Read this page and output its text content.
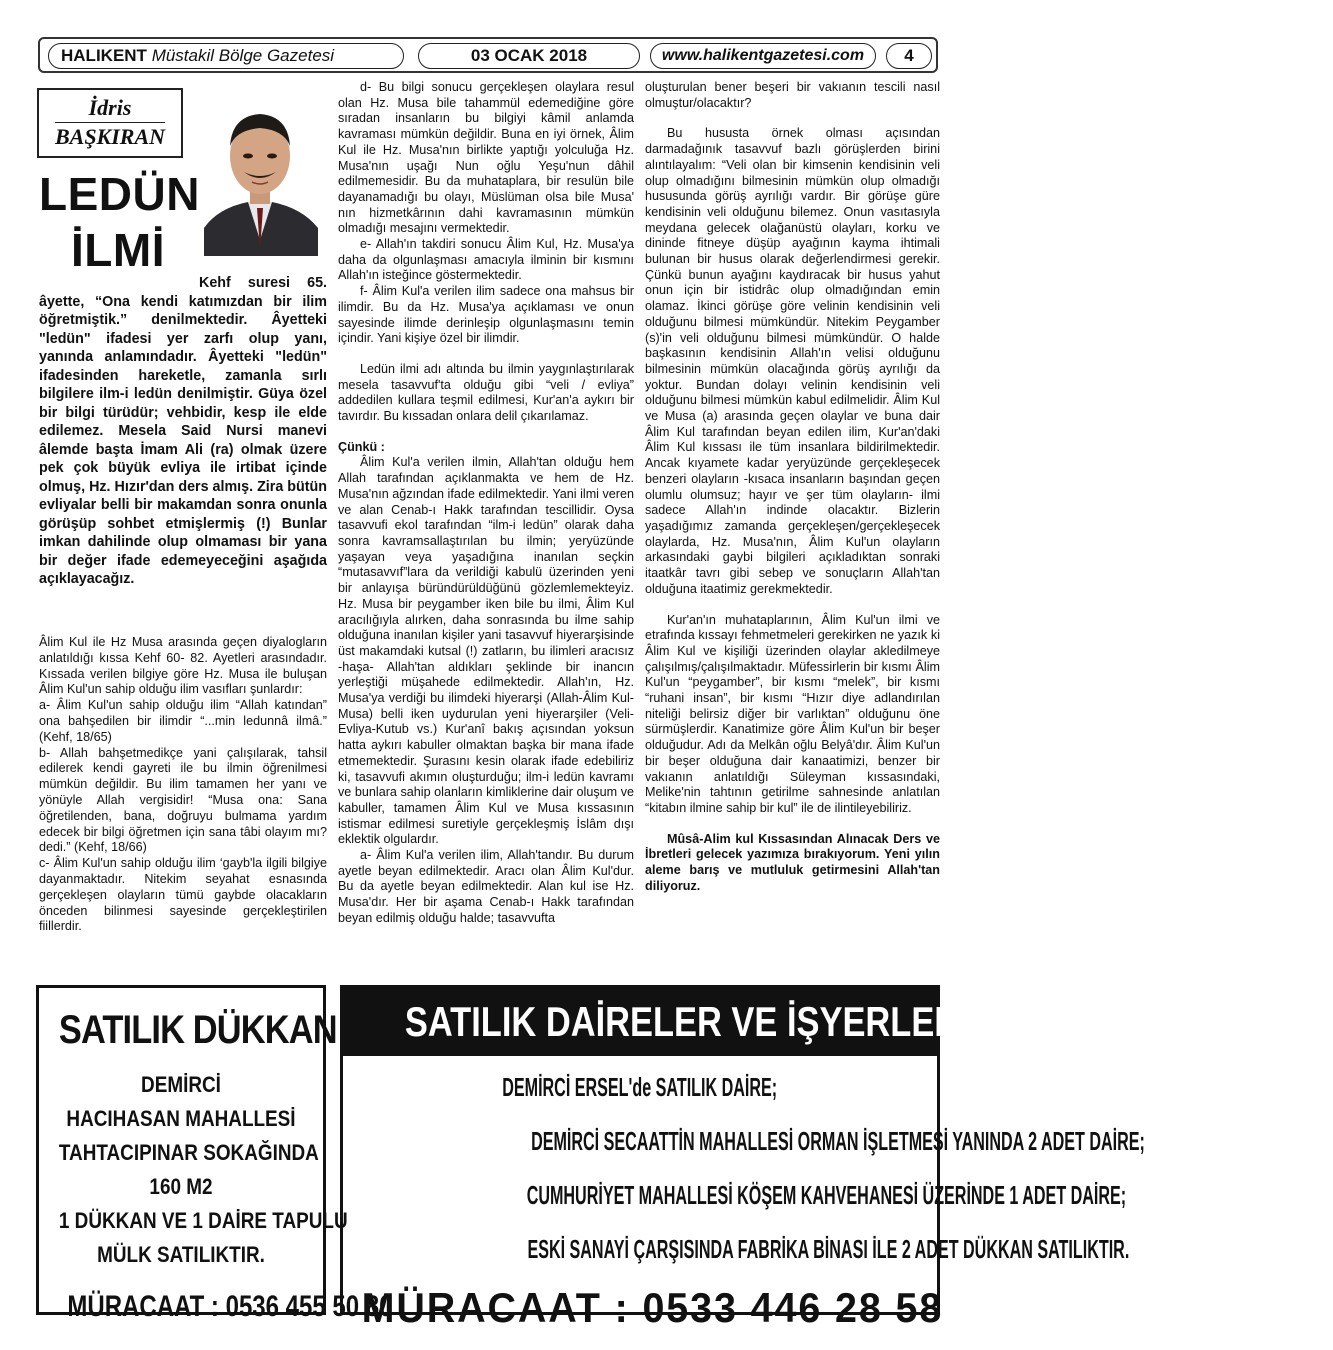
HALIKENT Müstakil Bölge Gazetesi	03 OCAK 2018	www.halikentgazetesi.com	4
İdris
BAŞKIRAN
LEDÜN
İLMİ

Kehf suresi 65. âyette, “Ona kendi katımızdan bir ilim öğretmiştik.” denilmektedir. Âyetteki "ledün" ifadesi yer zarfı olup yanı, yanında anlamındadır. Âyetteki "ledün" ifadesinden hareketle, zamanla sırlı bilgilere ilm-i ledün denilmiştir. Güya özel bir bilgi türüdür; vehbidir, kesp ile elde edilemez. Mesela Said Nursi manevi âlemde başta İmam Ali (ra) olmak üzere pek çok büyük evliya ile irtibat içinde olmuş, Hz. Hızır'dan ders almış. Zira bütün evliyalar belli bir makamdan sonra onunla görüşüp sohbet etmişlermiş (!) Bunlar imkan dahilinde olup olmaması bir yana bir değer ifade edemeyeceğini aşağıda açıklayacağız.

Âlim Kul ile Hz Musa arasında geçen diyalogların anlatıldığı kıssa Kehf 60- 82. Ayetleri arasındadır. Kıssada verilen bilgiye göre Hz. Musa ile buluşan Âlim Kul'un sahip olduğu ilim vasıfları şunlardır:

a- Âlim Kul'un sahip olduğu ilim “Allah katından” ona bahşedilen bir ilimdir “...min ledunnâ ilmâ.” (Kehf, 18/65)

b- Allah bahşetmedikçe yani çalışılarak, tahsil edilerek kendi gayreti ile bu ilmin öğrenilmesi mümkün değildir. Bu ilim tamamen her yanı ve yönüyle Allah vergisidir! “Musa ona: Sana öğretilenden, bana, doğruyu bulmama yardım edecek bir bilgi öğretmen için sana tâbi olayım mı? dedi.” (Kehf, 18/66)

c- Âlim Kul'un sahip olduğu ilim ‘gayb'la ilgili bilgiye dayanmaktadır. Nitekim seyahat esnasında gerçekleşen olayların tümü gaybde olacakların önceden bilinmesi sayesinde gerçekleştirilen fiillerdir.

d- Bu bilgi sonucu gerçekleşen olaylara resul olan Hz. Musa bile tahammül edemediğine göre sıradan insanların bu bilgiyi kâmil anlamda kavraması mümkün değildir. Buna en iyi örnek, Âlim Kul ile Hz. Musa'nın birlikte yaptığı yolculuğa Hz. Musa'nın uşağı Nun oğlu Yeşu'nun dâhil edilmemesidir. Bu da muhataplara, bir resulün bile dayanamadığı bu olayı, Müslüman olsa bile Musa' nın hizmetkârının dahi kavramasının mümkün olmadığı mesajını vermektedir.

e- Allah'ın takdiri sonucu Âlim Kul, Hz. Musa'ya daha da olgunlaşması amacıyla ilminin bir kısmını Allah'ın isteğince göstermektedir.

f- Âlim Kul'a verilen ilim sadece ona mahsus bir ilimdir. Bu da Hz. Musa'ya açıklaması ve onun sayesinde ilimde derinleşip olgunlaşmasını temin içindir. Yani kişiye özel bir ilimdir.

Ledün ilmi adı altında bu ilmin yaygınlaştırılarak mesela tasavvuf'ta olduğu gibi “veli / evliya” addedilen kullara teşmil edilmesi, Kur'an'a aykırı bir tavırdır. Bu kıssadan onlara delil çıkarılamaz.

Çünkü :

Âlim Kul'a verilen ilmin, Allah'tan olduğu hem Allah tarafından açıklanmakta ve hem de Hz. Musa'nın ağzından ifade edilmektedir. Yani ilmi veren ve alan Cenab-ı Hakk tarafından tescillidir. Oysa tasavvufi ekol tarafından “ilm-i ledün” olarak daha sonra kavramsallaştırılan bu ilmin; yeryüzünde yaşayan veya yaşadığına inanılan seçkin “mutasavvıf”lara da verildiği kabulü üzerinden yeni bir anlayışa büründürüldüğünü gözlemlemekteyiz. Hz. Musa bir peygamber iken bile bu ilmi, Âlim Kul aracılığıyla alırken, daha sonrasında bu ilme sahip olduğuna inanılan kişiler yani tasavvuf hiyerarşisinde üst makamdaki kutsal (!) zatların, bu ilimleri aracısız -haşa- Allah'tan aldıkları şeklinde bir inancın yerleştiği müşahede edilmektedir. Allah'ın, Hz. Musa'ya verdiği bu ilimdeki hiyerarşi (Allah-Âlim Kul-Musa) belli iken uydurulan yeni hiyerarşiler (Veli-Evliya-Kutub vs.) Kur'anî bakış açısından yoksun hatta aykırı kabuller olmaktan başka bir mana ifade etmemektedir. Şurasını kesin olarak ifade edebiliriz ki, tasavvufi akımın oluşturduğu; ilm-i ledün kavramı ve bunlara sahip olanların kimliklerine dair oluşum ve kabuller, tamamen Âlim Kul ve Musa kıssasının istismar edilmesi suretiyle gerçekleşmiş İslâm dışı eklektik olgulardır.

a- Âlim Kul'a verilen ilim, Allah'tandır. Bu durum ayetle beyan edilmektedir. Aracı olan Âlim Kul'dur. Bu da ayetle beyan edilmektedir. Alan kul ise Hz. Musa'dır. Her bir aşama Cenab-ı Hakk tarafından beyan edilmiş olduğu halde; tasavvufta

oluşturulan bener beşeri bir vakıanın tescili nasıl olmuştur/olacaktır?

Bu hususta örnek olması açısından darmadağınık tasavvuf bazlı görüşlerden birini alıntılayalım: “Veli olan bir kimsenin kendisinin veli olup olmadığını bilmesinin mümkün olup olmadığı hususunda görüş ayrılığı vardır. Bir görüşe güre kendisinin veli olduğunu bilemez. Onun vasıtasıyla meydana gelecek olağanüstü olayları, korku ve dininde fitneye düşüp ayağının kayma ihtimali bulunan bir husus olarak değerlendirmesi gerekir. Çünkü bunun ayağını kaydıracak bir husus yahut onun için bir istidrâc olup olmadığından emin olamaz. İkinci görüşe göre velinin kendisinin veli olduğunu bilmesi mümkündür. Nitekim Peygamber (s)'in veli olduğunu bilmesi mümkündür. O halde başkasının kendisinin Allah'ın velisi olduğunu bilmesinin mümkün olacağında görüş ayrılığı da yoktur. Bundan dolayı velinin kendisinin veli olduğunu bilmesi mümkün kabul edilmelidir. Âlim Kul ve Musa (a) arasında geçen olaylar ve buna dair Âlim Kul tarafından beyan edilen ilim, Kur'an'daki Âlim Kul kıssası ile tüm insanlara bildirilmektedir. Ancak kıyamete kadar yeryüzünde gerçekleşecek benzeri olayların -kısaca insanların başından geçen olumlu olumsuz; hayır ve şer tüm olayların- ilmi sadece Allah'ın indinde olacaktır. Bizlerin yaşadığımız zamanda gerçekleşen/gerçekleşecek olaylarda, Hz. Musa'nın, Âlim Kul'un olayların arkasındaki gaybi bilgileri açıkladıktan sonraki itaatkâr tavrı gibi sebep ve sonuçların Allah'tan olduğuna itaatimiz gerekmektedir.

Kur'an'ın muhataplarının, Âlim Kul'un ilmi ve etrafında kıssayı fehmetmeleri gerekirken ne yazık ki Âlim Kul ve kişiliği üzerinden olaylar akledilmeye çalışılmış/çalışılmaktadır. Müfessirlerin bir kısmı Âlim Kul'un “peygamber”, bir kısmı “melek”, bir kısmı “ruhani insan”, bir kısmı “Hızır diye adlandırılan niteliği belirsiz diğer bir varlıktan” olduğunu öne sürmüşlerdir. Kanatimize göre Âlim Kul'un bir beşer olduğudur. Adı da Melkân oğlu Belyâ'dır. Âlim Kul'un bir beşer olduğuna dair kanaatimizi, benzer bir vakıanın anlatıldığı Süleyman kıssasındaki, Melike'nin tahtının getirilme sahnesinde anlatılan “kitabın ilmine sahip bir kul” ile de ilintileyebiliriz.

Mûsâ-Alim kul Kıssasından Alınacak Ders ve İbretleri gelecek yazımıza bırakıyorum. Yeni yılın aleme barış ve mutluluk getirmesini Allah'tan diliyoruz.

SATILIK DÜKKAN
DEMİRCİ
HACIHASAN MAHALLESİ
TAHTACIPINAR SOKAĞINDA
160 M2
1 DÜKKAN VE 1 DAİRE TAPULU
MÜLK SATILIKTIR.
MÜRACAAT : 0536 455 50 80
SATILIK DAİRELER VE İŞYERLERİ
DEMİRCİ ERSEL'de SATILIK DAİRE;
DEMİRCİ SECAATTİN MAHALLESİ ORMAN İŞLETMESİ YANINDA 2 ADET DAİRE;
CUMHURİYET MAHALLESİ KÖŞEM KAHVEHANESİ ÜZERİNDE 1 ADET DAİRE;
ESKİ SANAYİ ÇARŞISINDA FABRİKA BİNASI İLE 2 ADET DÜKKAN SATILIKTIR.
MÜRACAAT : 0533 446 28 58
